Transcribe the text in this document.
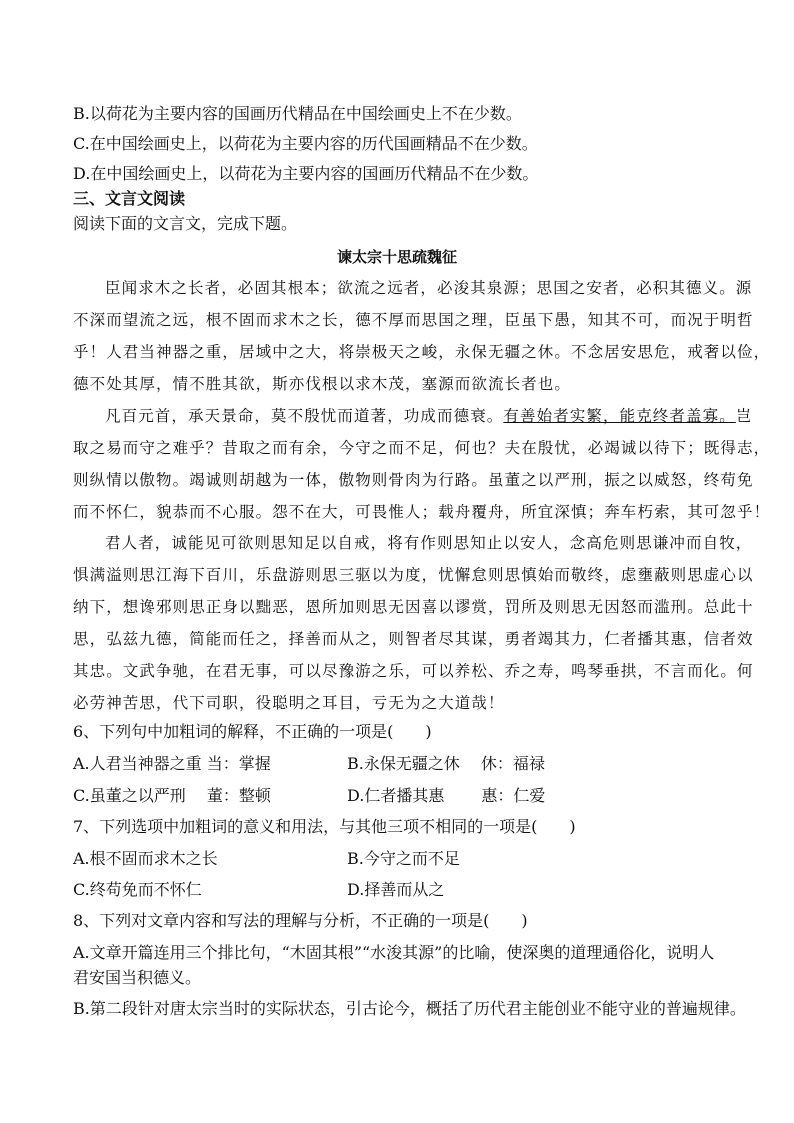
B.以荷花为主要内容的国画历代精品在中国绘画史上不在少数。
C.在中国绘画史上，以荷花为主要内容的历代国画精品不在少数。
D.在中国绘画史上，以荷花为主要内容的国画历代精品不在少数。
三、文言文阅读
阅读下面的文言文，完成下题。
谏太宗十思疏魏征
臣闻求木之长者，必固其根本；欲流之远者，必浚其泉源；思国之安者，必积其德义。源
不深而望流之远，根不固而求木之长，德不厚而思国之理，臣虽下愚，知其不可，而况于明哲
乎！人君当神器之重，居域中之大，将崇极天之峻，永保无疆之休。不念居安思危，戒奢以俭，
德不处其厚，情不胜其欲，斯亦伐根以求木茂，塞源而欲流长者也。
凡百元首，承天景命，莫不殷忧而道著，功成而德衰。有善始者实繁，能克终者盖寡。岂
取之易而守之难乎？昔取之而有余，今守之而不足，何也？夫在殷忧，必竭诚以待下；既得志，
则纵情以傲物。竭诚则胡越为一体，傲物则骨肉为行路。虽董之以严刑，振之以威怒，终苟免
而不怀仁，貌恭而不心服。怨不在大，可畏惟人；载舟覆舟，所宜深慎；奔车朽索，其可忽乎！
君人者，诚能见可欲则思知足以自戒，将有作则思知止以安人，念高危则思谦冲而自牧，
惧满溢则思江海下百川，乐盘游则思三驱以为度，忧懈怠则思慎始而敬终，虑壅蔽则思虚心以
纳下，想谗邪则思正身以黜恶，恩所加则思无因喜以谬赏，罚所及则思无因怒而滥刑。总此十
思，弘兹九德，简能而任之，择善而从之，则智者尽其谋，勇者竭其力，仁者播其惠，信者效
其忠。文武争驰，在君无事，可以尽豫游之乐，可以养松、乔之寿，鸣琴垂拱，不言而化。何
必劳神苦思，代下司职，役聪明之耳目，亏无为之大道哉！
6、下列句中加粗词的解释，不正确的一项是(　　)
A.人君当神器之重 当：掌握	B.永保无疆之休　 休：福禄
C.虽董之以严刑　 董：整顿	D.仁者播其惠　　 惠：仁爱
7、下列选项中加粗词的意义和用法，与其他三项不相同的一项是(　　)
A.根不固而求木之长	B.今守之而不足
C.终苟免而不怀仁	D.择善而从之
8、下列对文章内容和写法的理解与分析，不正确的一项是(　　)
A.文章开篇连用三个排比句，“木固其根”“水浚其源”的比喻，使深奥的道理通俗化，说明人
君安国当积德义。
B.第二段针对唐太宗当时的实际状态，引古论今，概括了历代君主能创业不能守业的普遍规律。
